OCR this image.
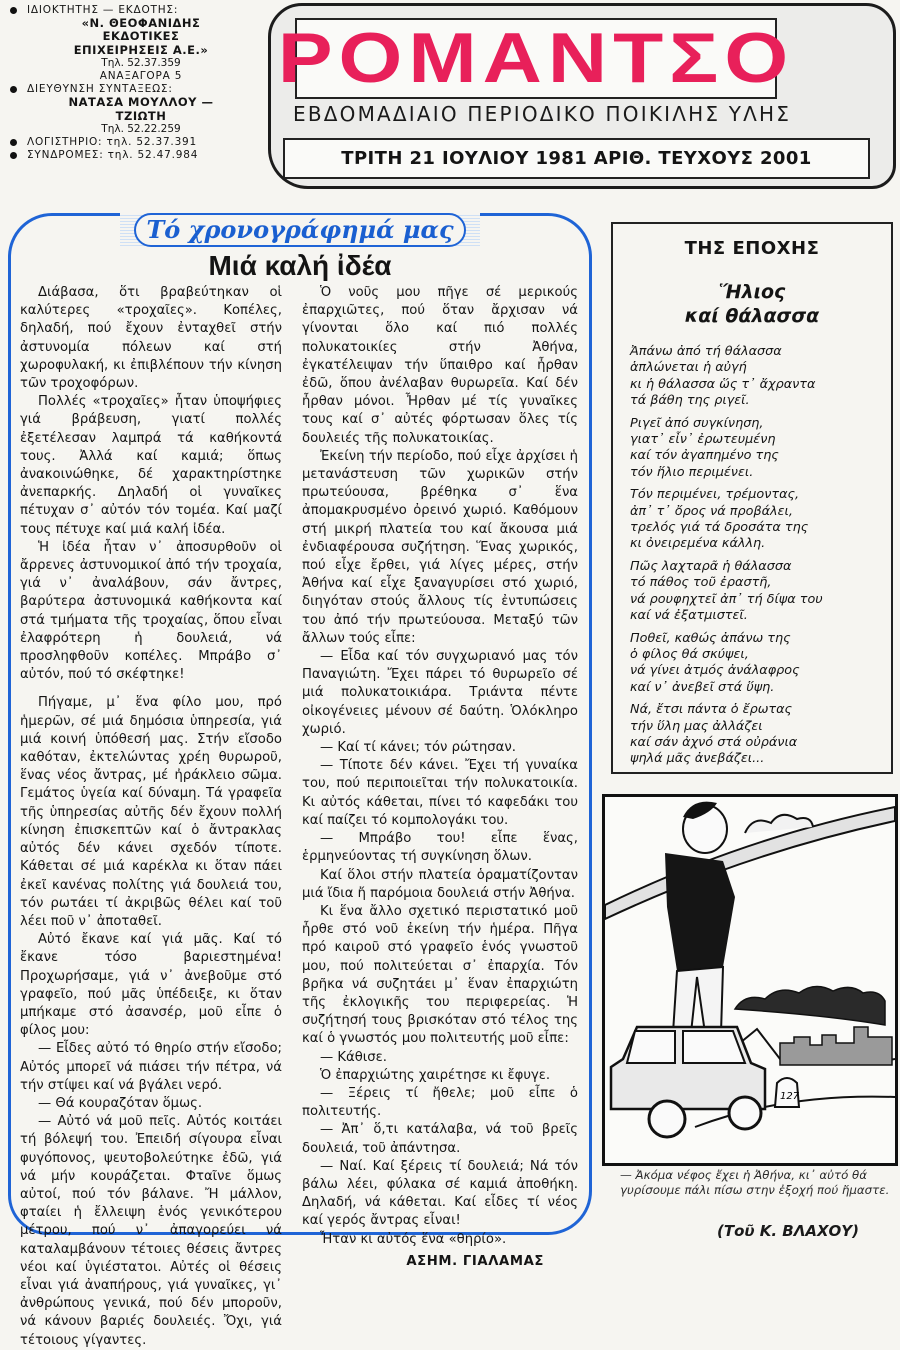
ΙΔΙΟΚΤΗΤΗΣ — ΕΚΔΟΤΗΣ:
«Ν. ΘΕΟΦΑΝΙΔΗΣ
ΕΚΔΟΤΙΚΕΣ
ΕΠΙΧΕΙΡΗΣΕΙΣ Α.Ε.»
Τηλ. 52.37.359
ΑΝΑΞΑΓΟΡΑ 5
ΔΙΕΥΘΥΝΣΗ ΣΥΝΤΑΞΕΩΣ:
ΝΑΤΑΣΑ ΜΟΥΛΛΟΥ —
ΤΖΙΩΤΗ
Τηλ. 52.22.259
ΛΟΓΙΣΤΗΡΙΟ: τηλ. 52.37.391
ΣΥΝΔΡΟΜΕΣ: τηλ. 52.47.984
ΡΟΜΑΝΤΣΟ
ΕΒΔΟΜΑΔΙΑΙΟ ΠΕΡΙΟΔΙΚΟ ΠΟΙΚΙΛΗΣ ΥΛΗΣ
ΤΡΙΤΗ 21 ΙΟΥΛΙΟΥ 1981 ΑΡΙΘ. ΤΕΥΧΟΥΣ 2001
Τό χρονογράφημά μας
Μιά καλή ἰδέα

Διάβασα, ὅτι βραβεύτηκαν οἱ καλύτερες «τροχαῖες». Κοπέλες, δηλαδή, πού ἔχουν ἐνταχθεῖ στήν ἀστυνομία πόλεων καί στή χωροφυλακή, κι ἐπιβλέπουν τήν κίνηση τῶν τροχοφόρων.

Πολλές «τροχαῖες» ἦταν ὑποψήφιες γιά βράβευση, γιατί πολλές ἐξετέλεσαν λαμπρά τά καθήκοντά τους. Ἀλλά καί καμιά; ὅπως ἀνακοινώθηκε, δέ χαρακτηρίστηκε ἀνεπαρκής. Δηλαδή οἱ γυναῖκες πέτυχαν σ᾿ αὐτόν τόν τομέα. Καί μαζί τους πέτυχε καί μιά καλή ἰδέα.

Ἡ ἰδέα ἦταν ν᾿ ἀποσυρθοῦν οἱ ἄρρενες ἀστυνομικοί ἀπό τήν τροχαία, γιά ν᾿ ἀναλάβουν, σάν ἄντρες, βαρύτερα ἀστυνομικά καθήκοντα καί στά τμήματα τῆς τροχαίας, ὅπου εἶναι ἐλαφρότερη ἡ δουλειά, νά προσληφθοῦν κοπέλες. Μπράβο σ᾿ αὐτόν, πού τό σκέφτηκε!

Πήγαμε, μ᾿ ἕνα φίλο μου, πρό ἡμερῶν, σέ μιά δημόσια ὑπηρεσία, γιά μιά κοινή ὑπόθεσή μας. Στήν εἴσοδο καθόταν, ἐκτελώντας χρέη θυρωροῦ, ἕνας νέος ἄντρας, μέ ἠράκλειο σῶμα. Γεμάτος ὑγεία καί δύναμη. Τά γραφεῖα τῆς ὑπηρεσίας αὐτῆς δέν ἔχουν πολλή κίνηση ἐπισκεπτῶν καί ὁ ἄντρακλας αὐτός δέν κάνει σχεδόν τίποτε. Κάθεται σέ μιά καρέκλα κι ὅταν πάει ἐκεῖ κανένας πολίτης γιά δουλειά του, τόν ρωτάει τί ἀκριβῶς θέλει καί τοῦ λέει ποῦ ν᾿ ἀποταθεῖ.

Αὐτό ἔκανε καί γιά μᾶς. Καί τό ἔκανε τόσο βαριεστημένα! Προχωρήσαμε, γιά ν᾿ ἀνεβοῦμε στό γραφεῖο, πού μᾶς ὑπέδειξε, κι ὅταν μπήκαμε στό ἀσανσέρ, μοῦ εἶπε ὁ φίλος μου:

— Εἶδες αὐτό τό θηρίο στήν εἴσοδο; Αὐτός μπορεῖ νά πιάσει τήν πέτρα, νά τήν στίψει καί νά βγάλει νερό.

— Θά κουραζόταν ὅμως.

— Αὐτό νά μοῦ πεῖς. Αὐτός κοιτάει τή βόλεψή του. Ἐπειδή σίγουρα εἶναι φυγόπονος, ψευτοβολεύτηκε ἐδῶ, γιά νά μήν κουράζεται. Φταῖνε ὅμως αὐτοί, πού τόν βάλανε. Ἤ μάλλον, φταίει ἡ ἔλλειψη ἑνός γενικότερου μέτρου, πού ν᾿ ἀπαγορεύει νά καταλαμβάνουν τέτοιες θέσεις ἄντρες νέοι καί ὑγιέστατοι. Αὐτές οἱ θέσεις εἶναι γιά ἀναπήρους, γιά γυναῖκες, γι᾿ ἀνθρώπους γενικά, πού δέν μποροῦν, νά κάνουν βαριές δουλειές. Ὄχι, γιά τέτοιους γίγαντες.

Ὁ νοῦς μου πῆγε σέ μερικούς ἐπαρχιῶτες, πού ὅταν ἄρχισαν νά γίνονται ὅλο καί πιό πολλές πολυκατοικίες στήν Ἀθήνα, ἐγκατέλειψαν τήν ὕπαιθρο καί ἦρθαν ἐδῶ, ὅπου ἀνέλαβαν θυρωρεῖα. Καί δέν ἦρθαν μόνοι. Ἦρθαν μέ τίς γυναῖκες τους καί σ᾿ αὐτές φόρτωσαν ὅλες τίς δουλειές τῆς πολυκατοικίας.

Ἐκείνη τήν περίοδο, πού εἶχε ἀρχίσει ἡ μετανάστευση τῶν χωρικῶν στήν πρωτεύουσα, βρέθηκα σ᾿ ἕνα ἀπομακρυσμένο ὀρεινό χωριό. Καθόμουν στή μικρή πλατεία του καί ἄκουσα μιά ἐνδιαφέρουσα συζήτηση. Ἕνας χωρικός, πού εἶχε ἔρθει, γιά λίγες μέρες, στήν Ἀθήνα καί εἶχε ξαναγυρίσει στό χωριό, διηγόταν στούς ἄλλους τίς ἐντυπώσεις του ἀπό τήν πρωτεύουσα. Μεταξύ τῶν ἄλλων τούς εἶπε:

— Εἶδα καί τόν συγχωριανό μας τόν Παναγιώτη. Ἔχει πάρει τό θυρωρεῖο σέ μιά πολυκατοικιάρα. Τριάντα πέντε οἰκογένειες μένουν σέ δαύτη. Ὁλόκληρο χωριό.

— Καί τί κάνει; τόν ρώτησαν.

— Τίποτε δέν κάνει. Ἔχει τή γυναίκα του, πού περιποιεῖται τήν πολυκατοικία. Κι αὐτός κάθεται, πίνει τό καφεδάκι του καί παίζει τό κομπολογάκι του.

— Μπράβο του! εἶπε ἕνας, ἑρμηνεύοντας τή συγκίνηση ὅλων.

Καί ὅλοι στήν πλατεία ὁραματίζονταν μιά ἴδια ἤ παρόμοια δουλειά στήν Ἀθήνα.

Κι ἕνα ἄλλο σχετικό περιστατικό μοῦ ἦρθε στό νοῦ ἐκείνη τήν ἡμέρα. Πῆγα πρό καιροῦ στό γραφεῖο ἑνός γνωστοῦ μου, πού πολιτεύεται σ᾿ ἐπαρχία. Τόν βρῆκα νά συζητάει μ᾿ ἕναν ἐπαρχιώτη τῆς ἐκλογικῆς του περιφερείας. Ἡ συζήτησή τους βρισκόταν στό τέλος της καί ὁ γνωστός μου πολιτευτής μοῦ εἶπε:

— Κάθισε.

Ὁ ἐπαρχιώτης χαιρέτησε κι ἔφυγε.

— Ξέρεις τί ἤθελε; μοῦ εἶπε ὁ πολιτευτής.

— Ἀπ᾿ ὅ,τι κατάλαβα, νά τοῦ βρεῖς δουλειά, τοῦ ἀπάντησα.

— Ναί. Καί ξέρεις τί δουλειά; Νά τόν βάλω λέει, φύλακα σέ καμιά ἀποθήκη. Δηλαδή, νά κάθεται. Καί εἶδες τί νέος καί γερός ἄντρας εἶναι!

Ἦταν κι αὐτός ἕνα «θηρίο».

ΑΣΗΜ. ΓΙΑΛΑΜΑΣ
ΤΗΣ ΕΠΟΧΗΣ
Ἥλιος
καί θάλασσα
Ἀπάνω ἀπό τή θάλασσα
ἁπλώνεται ἡ αὐγή
κι ἡ θάλασσα ὥς τ᾿ ἄχραντα
τά βάθη της ριγεῖ.
Ριγεῖ ἀπό συγκίνηση,
γιατ᾿ εἶν᾿ ἐρωτευμένη
καί τόν ἀγαπημένο της
τόν ἥλιο περιμένει.
Τόν περιμένει, τρέμοντας,
ἀπ᾿ τ᾿ ὄρος νά προβάλει,
τρελός γιά τά δροσάτα της
κι ὀνειρεμένα κάλλη.
Πῶς λαχταρᾶ ἡ θάλασσα
τό πάθος τοῦ ἐραστῆ,
νά ρουφηχτεῖ ἀπ᾿ τή δίψα του
καί νά ἐξατμιστεῖ.
Ποθεῖ, καθώς ἀπάνω της
ὁ φίλος θά σκύψει,
νά γίνει ἀτμός ἀνάλαφρος
καί ν᾿ ἀνεβεῖ στά ὕψη.
Νά, ἔτσι πάντα ὁ ἔρωτας
τήν ὕλη μας ἀλλάζει
καί σάν ἀχνό στά οὐράνια
ψηλά μᾶς ἀνεβάζει...
127
— Ἀκόμα νέφος ἔχει ἡ Ἀθήνα, κι᾿ αὐτό θά γυρίσουμε πάλι πίσω στην ἐξοχή πού ἤμαστε.
(Τοῦ Κ. ΒΛΑΧΟΥ)
